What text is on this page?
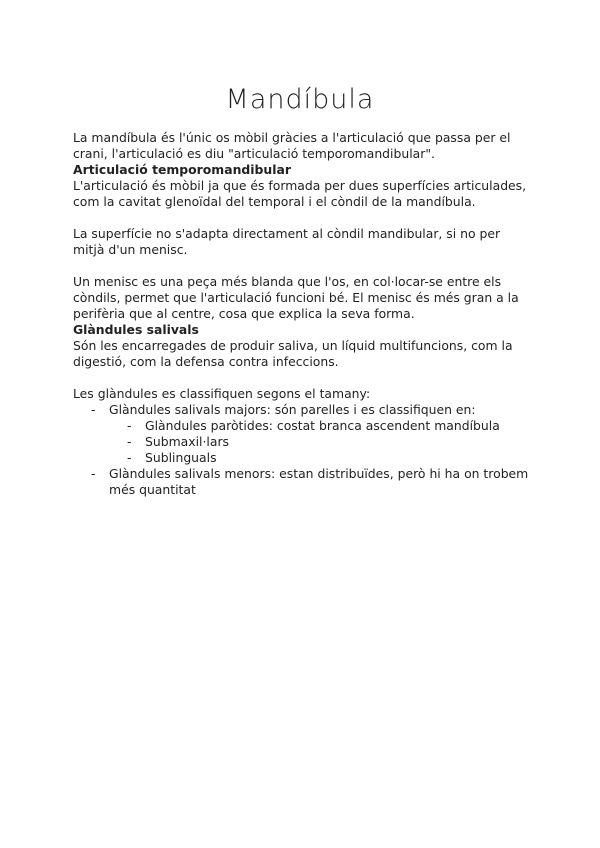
Mandíbula

La mandíbula és l'únic os mòbil gràcies a l'articulació que passa per el crani, l'articulació es diu "articulació temporomandibular".

Articulació temporomandibular

L'articulació és mòbil ja que és formada per dues superfícies articulades, com la cavitat glenoïdal del temporal i el còndil de la mandíbula.

La superfície no s'adapta directament al còndil mandibular, si no per mitjà d'un menisc.

Un menisc es una peça més blanda que l'os, en col·locar-se entre els còndils, permet que l'articulació funcioni bé. El menisc és més gran a la perifèria que al centre, cosa que explica la seva forma.

Glàndules salivals

Són les encarregades de produir saliva, un líquid multifuncions, com la digestió, com la defensa contra infeccions.

Les glàndules es classifiquen segons el tamany:

- Glàndules salivals majors: són parelles i es classifiquen en:
- Glàndules paròtides: costat branca ascendent mandíbula
- Submaxil·lars
- Sublinguals
- Glàndules salivals menors: estan distribuïdes, però hi ha on trobem més quantitat
